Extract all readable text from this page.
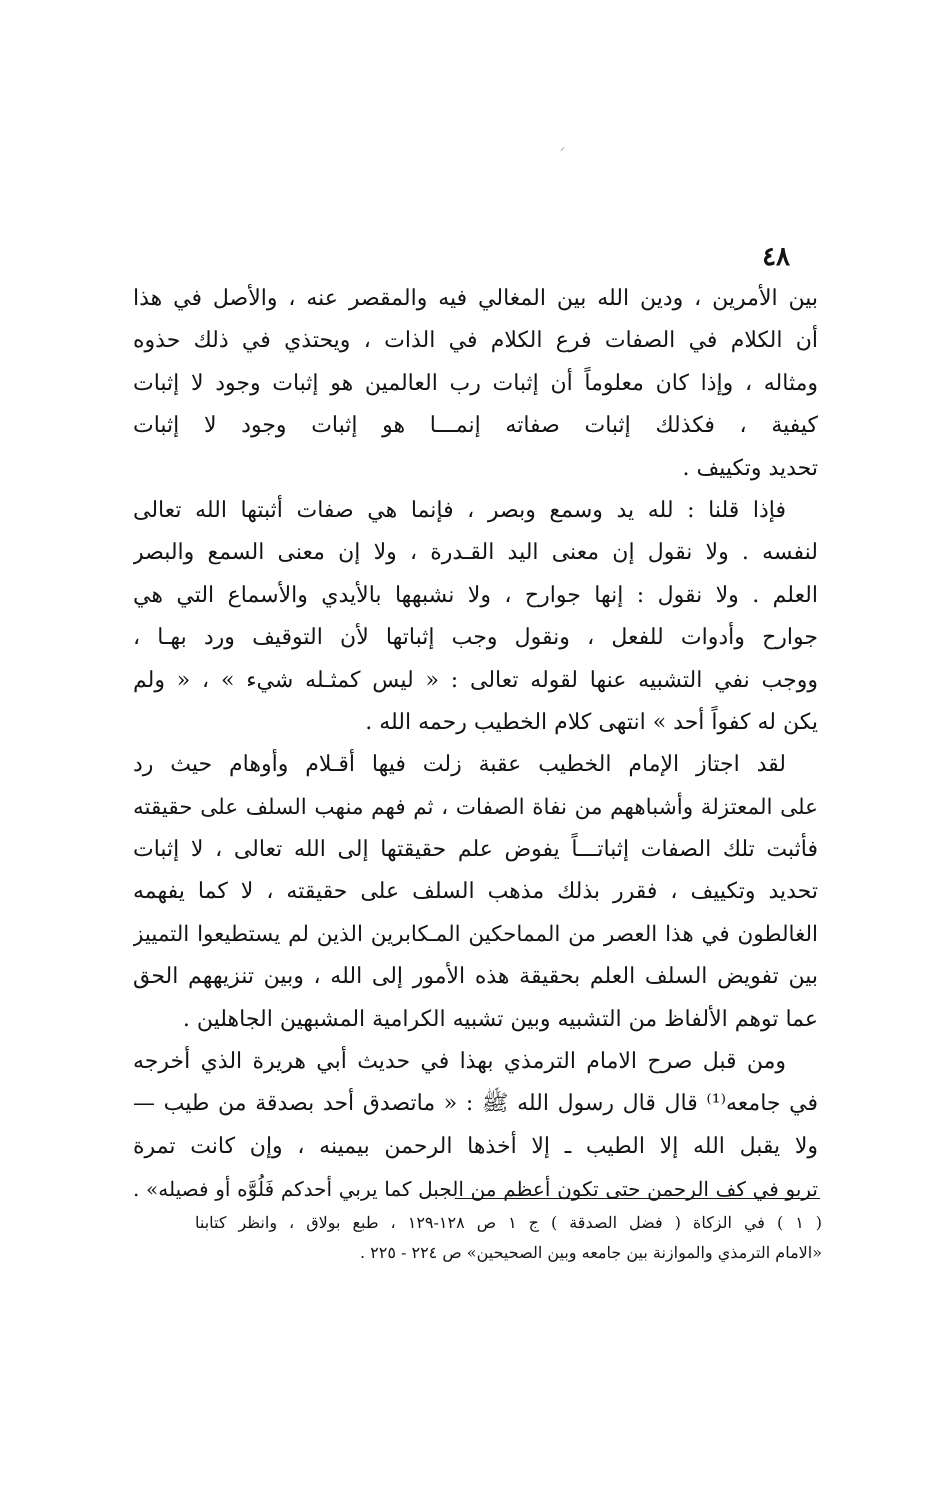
⸝
٤٨
بين الأمرين ، ودين الله بين المغالي فيه والمقصر عنه ، والأصل في هذا
أن الكلام في الصفات فرع الكلام في الذات ، ويحتذي في ذلك حذوه
ومثاله ، وإذا كان معلوماً أن إثبات رب العالمين هو إثبات وجود لا إثبات
كيفية ، فكذلك إثبات صفاته إنمـــا هو إثبات وجود لا إثبات
تحديد وتكييف .
فإذا قلنا : لله يد وسمع وبصر ، فإنما هي صفات أثبتها الله تعالى
لنفسه . ولا نقول إن معنى اليد القـدرة ، ولا إن معنى السمع والبصر
العلم . ولا نقول : إنها جوارح ، ولا نشبهها بالأيدي والأسماع التي هي
جوارح وأدوات للفعل ، ونقول وجب إثباتها لأن التوقيف ورد بهـا ،
ووجب نفي التشبيه عنها لقوله تعالى : « ليس كمثـله شيء » ، « ولم
يكن له كفواً أحد » انتهى كلام الخطيب رحمه الله .
لقد اجتاز الإمام الخطيب عقبة زلت فيها أقـلام وأوهام حيث رد
على المعتزلة وأشباههم من نفاة الصفات ، ثم فهم منهب السلف على حقيقته
فأثبت تلك الصفات إثباتـــاً يفوض علم حقيقتها إلى الله تعالى ، لا إثبات
تحديد وتكييف ، فقرر بذلك مذهب السلف على حقيقته ، لا كما يفهمه
الغالطون في هذا العصر من المماحكين المـكابرين الذين لم يستطيعوا التمييز
بين تفويض السلف العلم بحقيقة هذه الأمور إلى الله ، وبين تنزيههم الحق
عما توهم الألفاظ من التشبيه وبين تشبيه الكرامية المشبهين الجاهلين .
ومن قبل صرح الامام الترمذي بهذا في حديث أبي هريرة الذي أخرجه
في جامعه⁽¹⁾ قال قال رسول الله ﷺ : « ماتصدق أحد بصدقة من طيب —
ولا يقبل الله إلا الطيب ـ إلا أخذها الرحمن بيمينه ، وإن كانت تمرة
تربو في كف الرحمن حتى تكون أعظم من الجبل كما يربي أحدكم فَلُوَّه أو فصيله» .
( ١ ) في الزكاة ( فضل الصدقة ) ج ١ ص ١٢٨-١٢٩ ، طبع بولاق ، وانظر كتابنا
«الامام الترمذي والموازنة بين جامعه وبين الصحيحين» ص ٢٢٤ - ٢٢٥ .
